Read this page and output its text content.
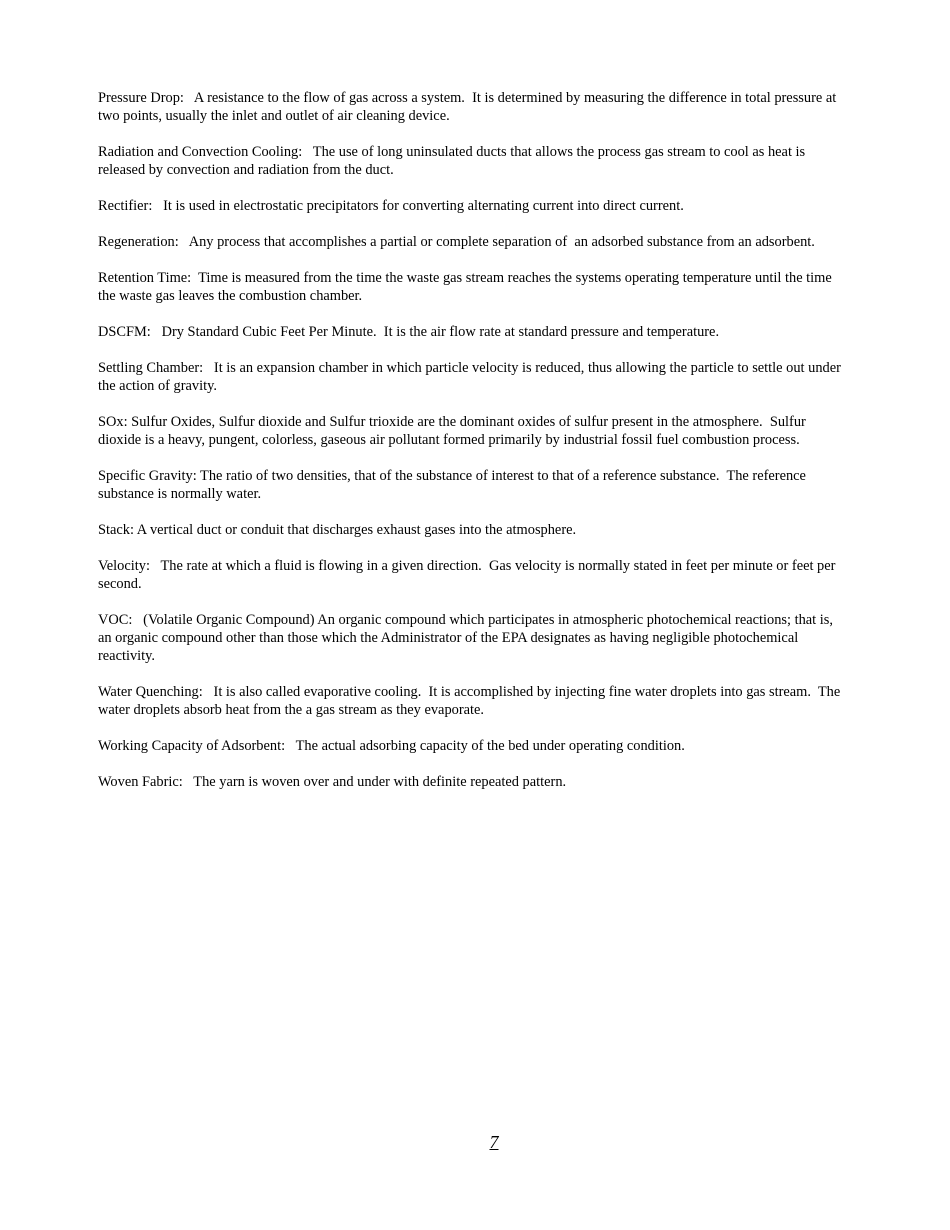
Pressure Drop:   A resistance to the flow of gas across a system.  It is determined by measuring the difference in total pressure at two points, usually the inlet and outlet of air cleaning device.

Radiation and Convection Cooling:   The use of long uninsulated ducts that allows the process gas stream to cool as heat is released by convection and radiation from the duct.

Rectifier:   It is used in electrostatic precipitators for converting alternating current into direct current.

Regeneration:   Any process that accomplishes a partial or complete separation of  an adsorbed substance from an adsorbent.

Retention Time:  Time is measured from the time the waste gas stream reaches the systems operating temperature until the time the waste gas leaves the combustion chamber.

DSCFM:   Dry Standard Cubic Feet Per Minute.  It is the air flow rate at standard pressure and temperature.

Settling Chamber:   It is an expansion chamber in which particle velocity is reduced, thus allowing the particle to settle out under the action of gravity.

SOx: Sulfur Oxides, Sulfur dioxide and Sulfur trioxide are the dominant oxides of sulfur present in the atmosphere.  Sulfur dioxide is a heavy, pungent, colorless, gaseous air pollutant formed primarily by industrial fossil fuel combustion process.

Specific Gravity: The ratio of two densities, that of the substance of interest to that of a reference substance.  The reference substance is normally water.

Stack: A vertical duct or conduit that discharges exhaust gases into the atmosphere.

Velocity:   The rate at which a fluid is flowing in a given direction.  Gas velocity is normally stated in feet per minute or feet per second.

VOC:   (Volatile Organic Compound) An organic compound which participates in atmospheric photochemical reactions; that is, an organic compound other than those which the Administrator of the EPA designates as having negligible photochemical reactivity.

Water Quenching:   It is also called evaporative cooling.  It is accomplished by injecting fine water droplets into gas stream.  The water droplets absorb heat from the a gas stream as they evaporate.

Working Capacity of Adsorbent:   The actual adsorbing capacity of the bed under operating condition.

Woven Fabric:   The yarn is woven over and under with definite repeated pattern.

7
